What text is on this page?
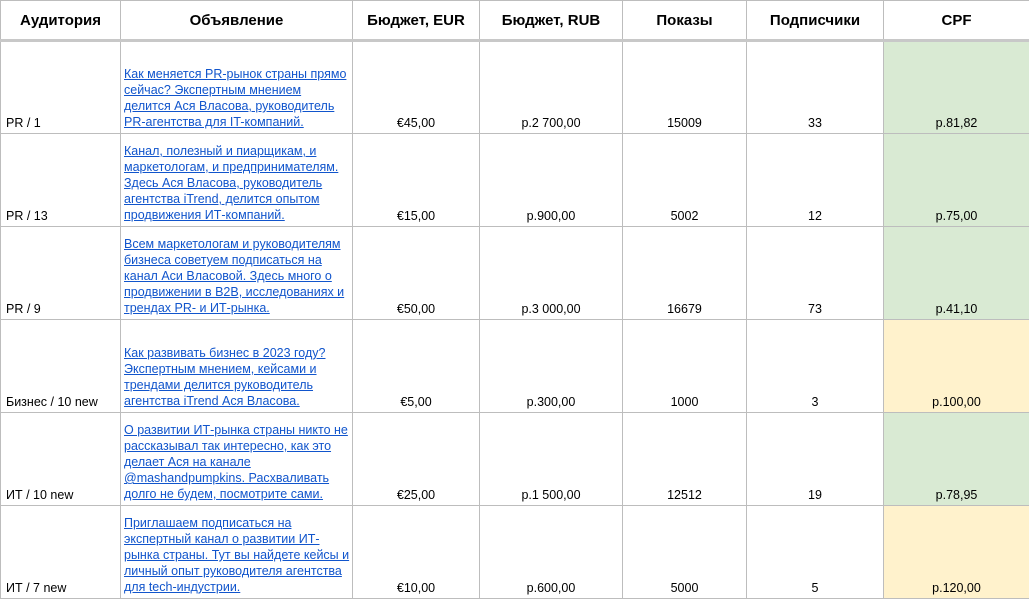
Аудитория	Объявление	Бюджет, EUR	Бюджет, RUB	Показы	Подписчики	CPF
PR / 1	Как меняется PR-рынок страны прямо сейчас? Экспертным мнением делится Ася Власова, руководитель PR-агентства для IT-компаний.	€45,00	р.2 700,00	15009	33	р.81,82
PR / 13	Канал, полезный и пиарщикам, и маркетологам, и предпринимателям. Здесь Ася Власова, руководитель агентства iTrend, делится опытом продвижения ИТ-компаний.	€15,00	р.900,00	5002	12	р.75,00
PR / 9	Всем маркетологам и руководителям бизнеса советуем подписаться на канал Аси Власовой. Здесь много о продвижении в B2B, исследованиях и трендах PR- и ИТ-рынка.	€50,00	р.3 000,00	16679	73	р.41,10
Бизнес / 10 new	Как развивать бизнес в 2023 году? Экспертным мнением, кейсами и трендами делится руководитель агентства iTrend Ася Власова.	€5,00	р.300,00	1000	3	р.100,00
ИТ / 10 new	О развитии ИТ-рынка страны никто не рассказывал так интересно, как это делает Ася на канале @mashandpumpkins. Расхваливать долго не будем, посмотрите сами.	€25,00	р.1 500,00	12512	19	р.78,95
ИТ / 7 new	Приглашаем подписаться на экспертный канал о развитии ИТ-рынка страны. Тут вы найдете кейсы и личный опыт руководителя агентства для tech-индустрии.	€10,00	р.600,00	5000	5	р.120,00
